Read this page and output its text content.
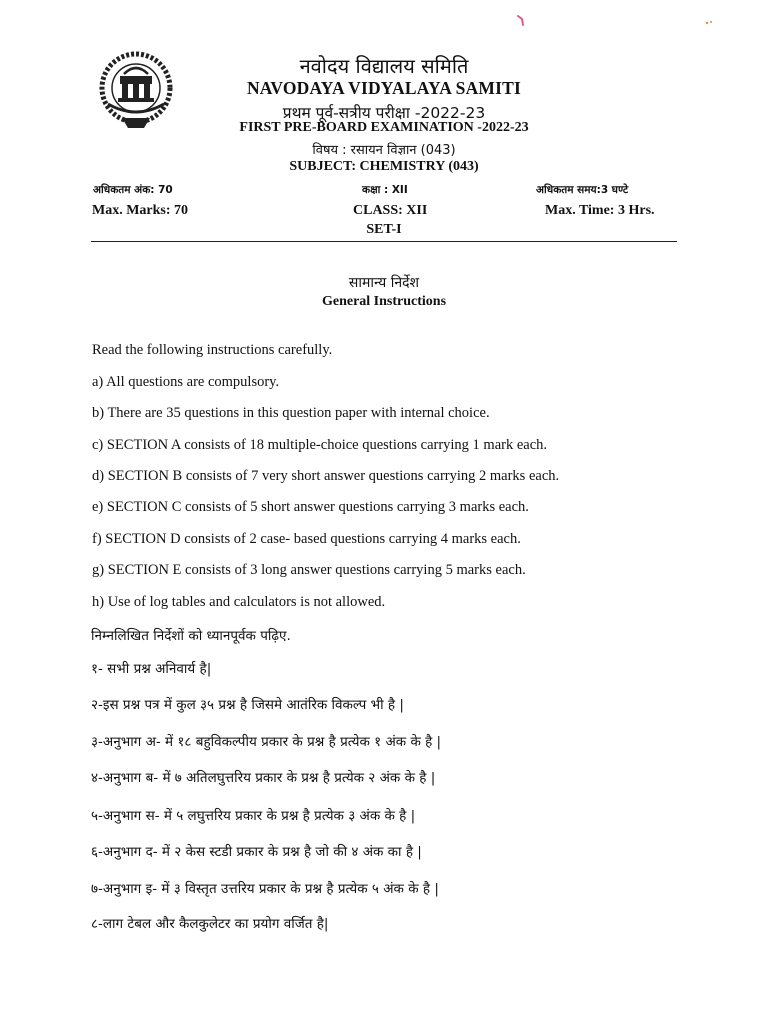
नवोदय विद्यालय समिति
NAVODAYA VIDYALAYA SAMITI
प्रथम पूर्व-सत्रीय परीक्षा -2022-23
FIRST PRE-BOARD EXAMINATION -2022-23
विषय : रसायन विज्ञान (043)
SUBJECT: CHEMISTRY (043)
अधिकतम अंक: 70	कक्षा : XII	अधिकतम समय:3 घण्टे
Max. Marks: 70	CLASS: XII	Max. Time: 3 Hrs.
SET-I
सामान्य निर्देश
General Instructions
Read the following instructions carefully.
a) All questions are compulsory.
b) There are 35 questions in this question paper with internal choice.
c) SECTION A consists of 18 multiple-choice questions carrying 1 mark each.
d) SECTION B consists of 7 very short answer questions carrying 2 marks each.
e) SECTION C consists of 5 short answer questions carrying 3 marks each.
f) SECTION D consists of 2 case- based questions carrying 4 marks each.
g) SECTION E consists of 3 long answer questions carrying 5 marks each.
h) Use of log tables and calculators is not allowed.
निम्नलिखित निर्देशों को ध्यानपूर्वक पढ़िए.
१- सभी प्रश्न अनिवार्य है|
२-इस प्रश्न पत्र में कुल ३५ प्रश्न है जिसमे आतंरिक विकल्प भी है |
३-अनुभाग अ- में १८ बहुविकल्पीय प्रकार के प्रश्न है प्रत्येक १ अंक के है |
४-अनुभाग ब- में ७ अतिलघुत्तरिय प्रकार के प्रश्न है प्रत्येक २ अंक के है |
५-अनुभाग स- में ५ लघुत्तरिय प्रकार के प्रश्न है प्रत्येक ३ अंक के है |
६-अनुभाग द- में २ केस स्टडी प्रकार के प्रश्न है जो की ४ अंक का है |
७-अनुभाग इ- में ३ विस्तृत उत्तरिय प्रकार के प्रश्न है प्रत्येक ५ अंक के है |
८-लाग टेबल और कैलकुलेटर का प्रयोग वर्जित है|
